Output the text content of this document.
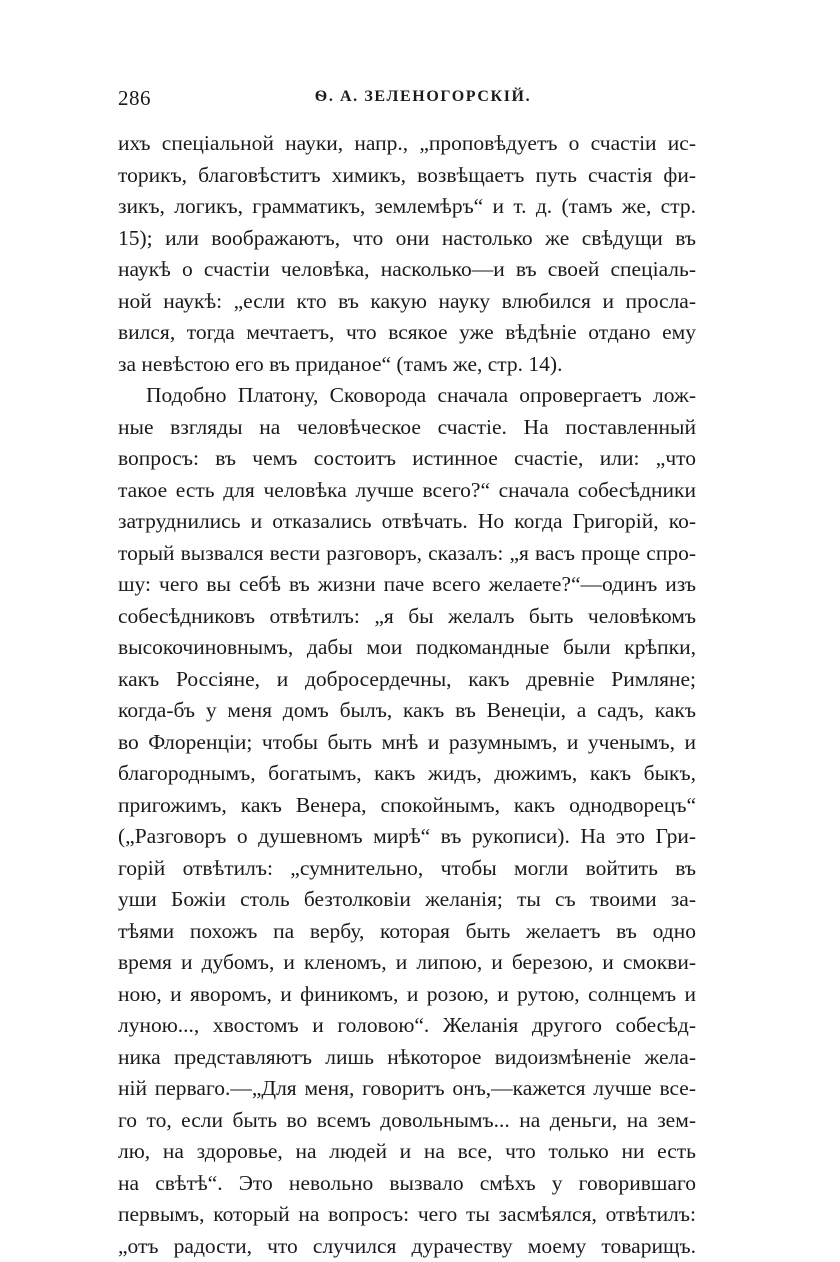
286	Ѳ. А. ЗЕЛЕНОГОРСКІЙ.
ихъ спеціальной науки, напр., „проповѣдуетъ о счастіи ис-
торикъ, благовѣститъ химикъ, возвѣщаетъ путь счастія фи-
зикъ, логикъ, грамматикъ, землемѣръ“ и т. д. (тамъ же, стр.
15); или воображаютъ, что они настолько же свѣдущи въ
наукѣ о счастіи человѣка, насколько—и въ своей спеціаль-
ной наукѣ: „если кто въ какую науку влюбился и просла-
вился, тогда мечтаетъ, что всякое уже вѣдѣніе отдано ему
за невѣстою его въ приданое“ (тамъ же, стр. 14).
Подобно Платону, Сковорода сначала опровергаетъ лож-
ные взгляды на человѣческое счастіе. На поставленный
вопросъ: въ чемъ состоитъ истинное счастіе, или: „что
такое есть для человѣка лучше всего?“ сначала собесѣдники
затруднились и отказались отвѣчать. Но когда Григорій, ко-
торый вызвался вести разговоръ, сказалъ: „я васъ проще спро-
шу: чего вы себѣ въ жизни паче всего желаете?“—одинъ изъ
собесѣдниковъ отвѣтилъ: „я бы желалъ быть человѣкомъ
высокочиновнымъ, дабы мои подкомандные были крѣпки,
какъ Россіяне, и добросердечны, какъ древніе Римляне;
когда-бъ у меня домъ былъ, какъ въ Венеціи, а садъ, какъ
во Флоренціи; чтобы быть мнѣ и разумнымъ, и ученымъ, и
благороднымъ, богатымъ, какъ жидъ, дюжимъ, какъ быкъ,
пригожимъ, какъ Венера, спокойнымъ, какъ однодворецъ“
(„Разговоръ о душевномъ мирѣ“ въ рукописи). На это Гри-
горій отвѣтилъ: „сумнительно, чтобы могли войтить въ
уши Божіи столь безтолковіи желанія; ты съ твоими за-
тѣями похожъ па вербу, которая быть желаетъ въ одно
время и дубомъ, и кленомъ, и липою, и березою, и смокви-
ною, и яворомъ, и финикомъ, и розою, и рутою, солнцемъ и
луною..., хвостомъ и головою“. Желанія другого собесѣд-
ника представляютъ лишь нѣкоторое видоизмѣненіе жела-
ній перваго.—„Для меня, говоритъ онъ,—кажется лучше все-
го то, если быть во всемъ довольнымъ... на деньги, на зем-
лю, на здоровье, на людей и на все, что только ни есть
на свѣтѣ“. Это невольно вызвало смѣхъ у говорившаго
первымъ, который на вопросъ: чего ты засмѣялся, отвѣтилъ:
„отъ радости, что случился дурачеству моему товарищъ.
